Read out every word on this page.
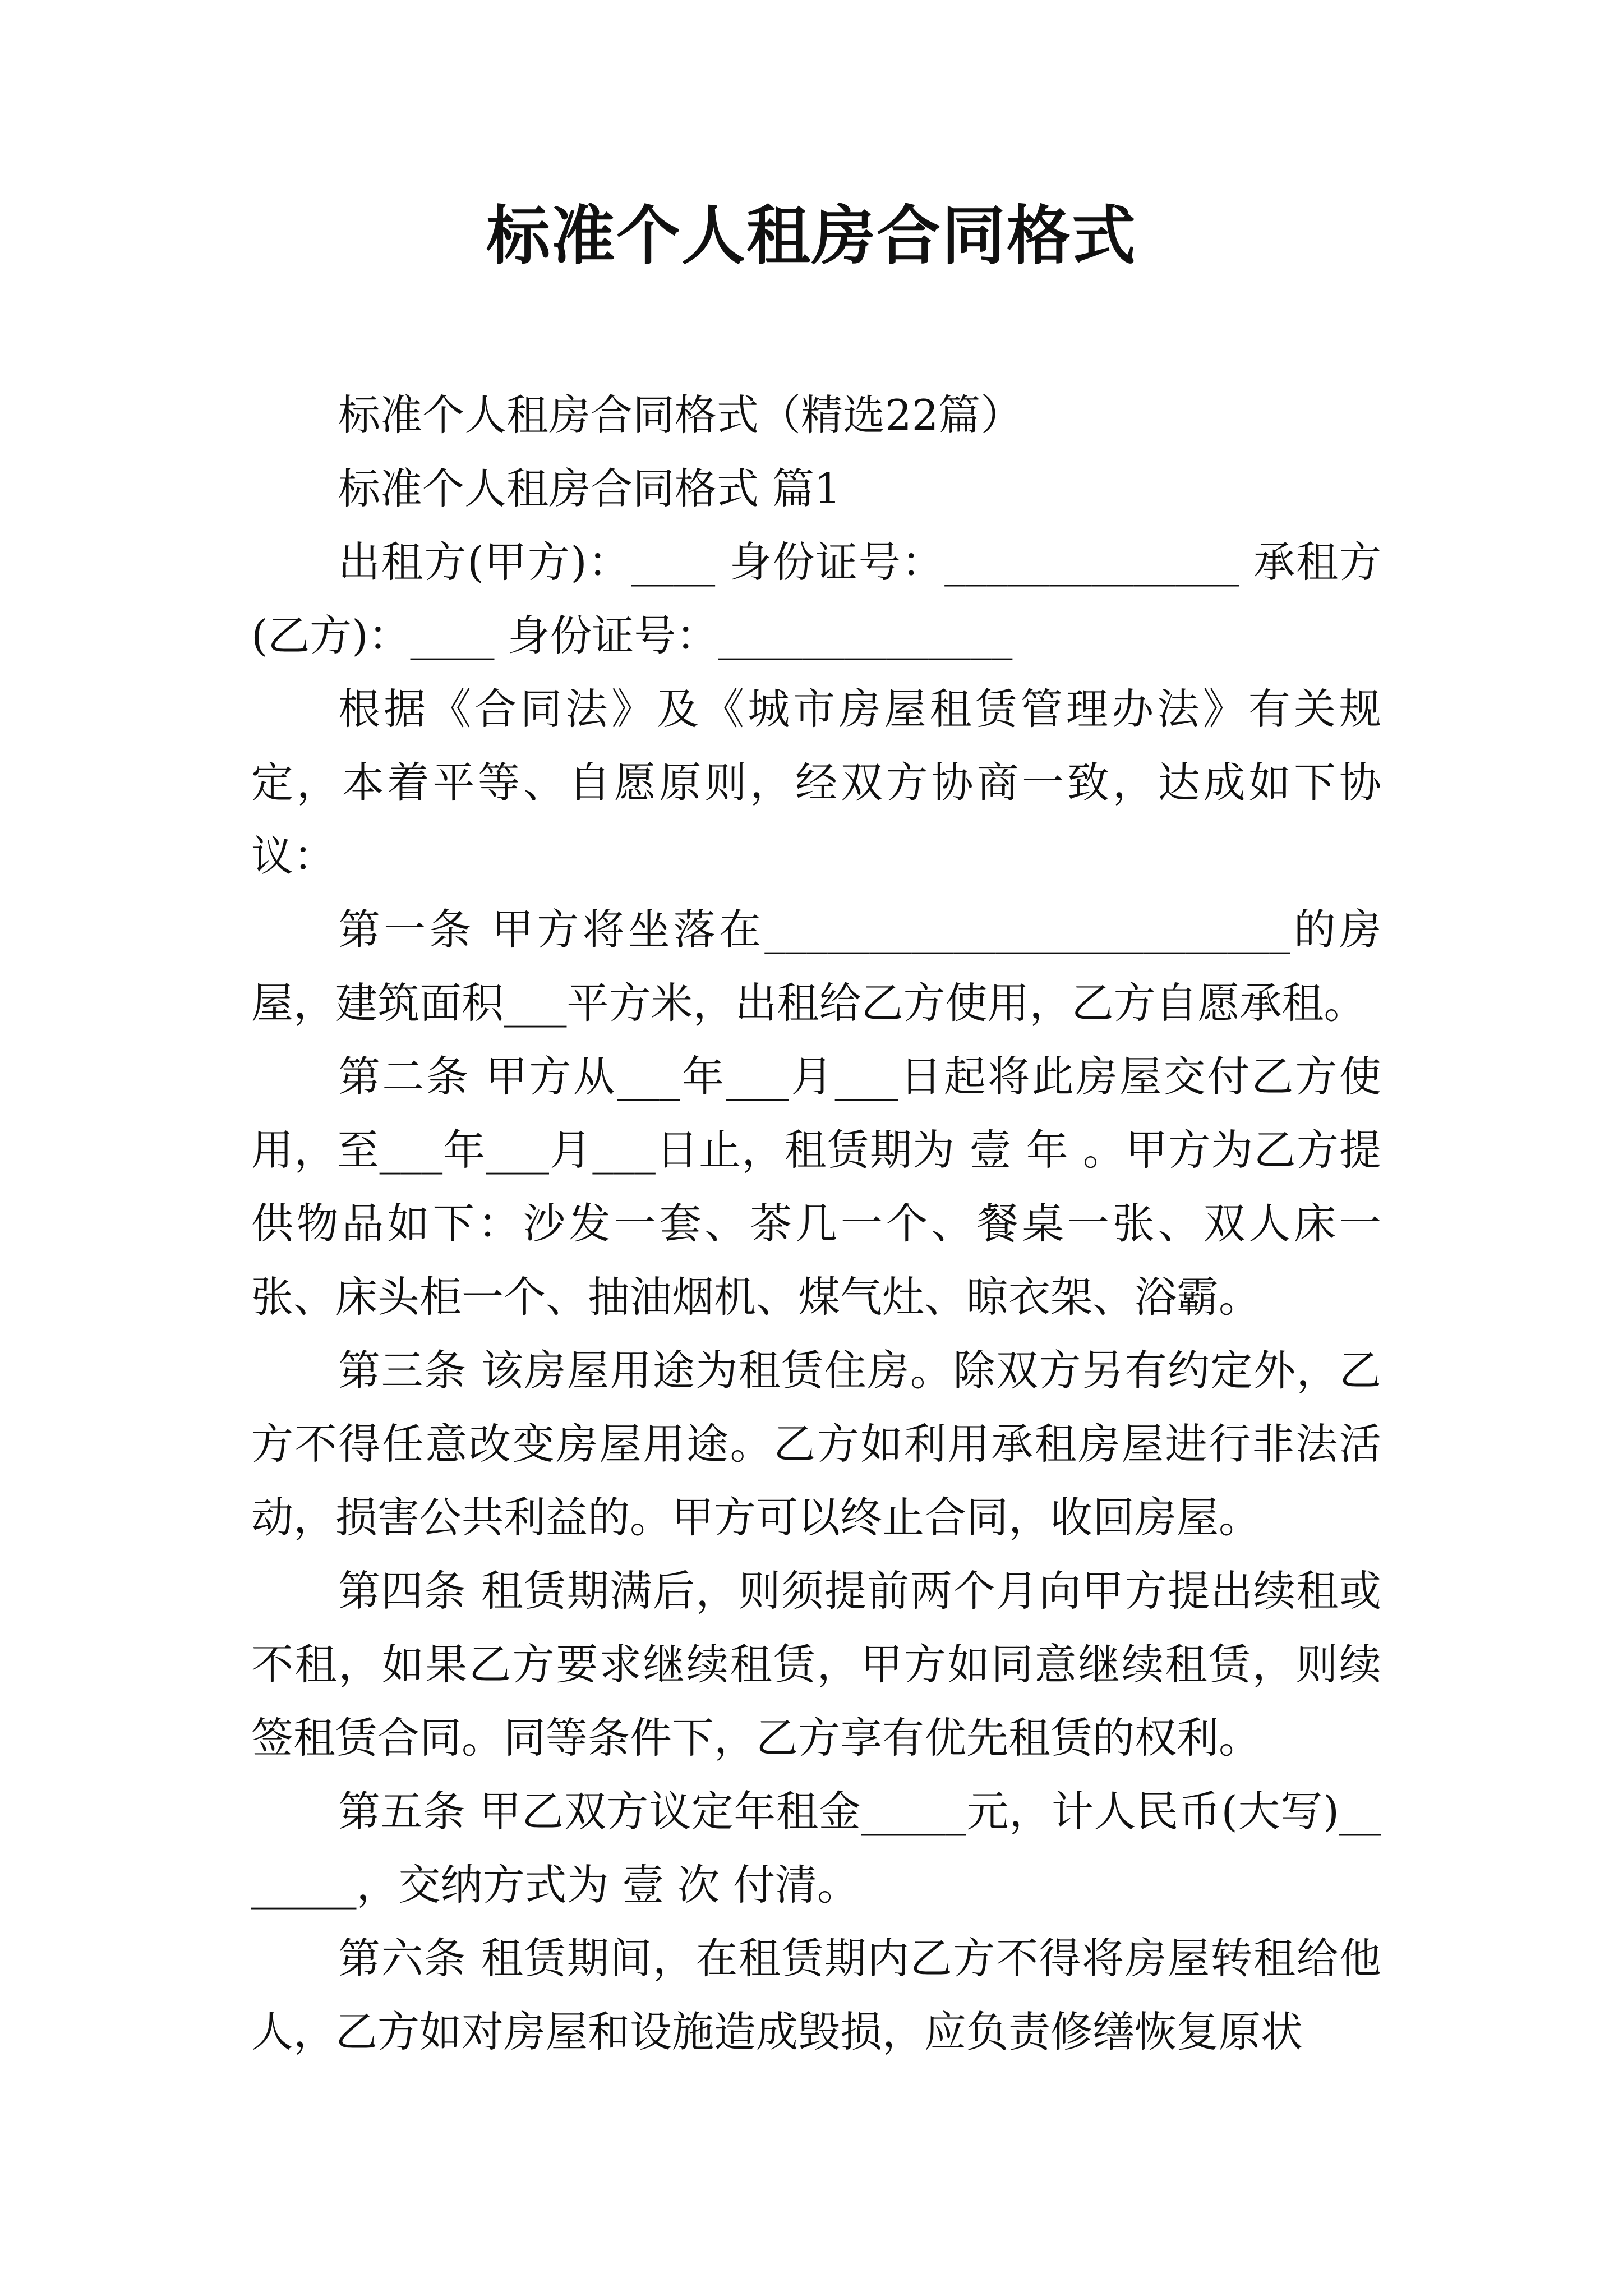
标准个人租房合同格式

标准个人租房合同格式（精选22篇）

标准个人租房合同格式 篇1

出租方(甲方)：____ 身份证号：______________ 承租方(乙方)：____ 身份证号：______________

根据《合同法》及《城市房屋租赁管理办法》有关规定，本着平等、自愿原则，经双方协商一致，达成如下协议：

第一条 甲方将坐落在_________________________的房屋，建筑面积___平方米，出租给乙方使用，乙方自愿承租。

第二条 甲方从___年___月___日起将此房屋交付乙方使用，至___年___月___日止，租赁期为 壹 年 。甲方为乙方提供物品如下：沙发一套、茶几一个、餐桌一张、双人床一张、床头柜一个、抽油烟机、煤气灶、晾衣架、浴霸。

第三条 该房屋用途为租赁住房。除双方另有约定外，乙方不得任意改变房屋用途。乙方如利用承租房屋进行非法活动，损害公共利益的。甲方可以终止合同，收回房屋。

第四条 租赁期满后，则须提前两个月向甲方提出续租或不租，如果乙方要求继续租赁，甲方如同意继续租赁，则续签租赁合同。同等条件下，乙方享有优先租赁的权利。

第五条 甲乙双方议定年租金_____元，计人民币(大写)_______，交纳方式为 壹 次 付清。

第六条 租赁期间，在租赁期内乙方不得将房屋转租给他人，乙方如对房屋和设施造成毁损，应负责修缮恢复原状
